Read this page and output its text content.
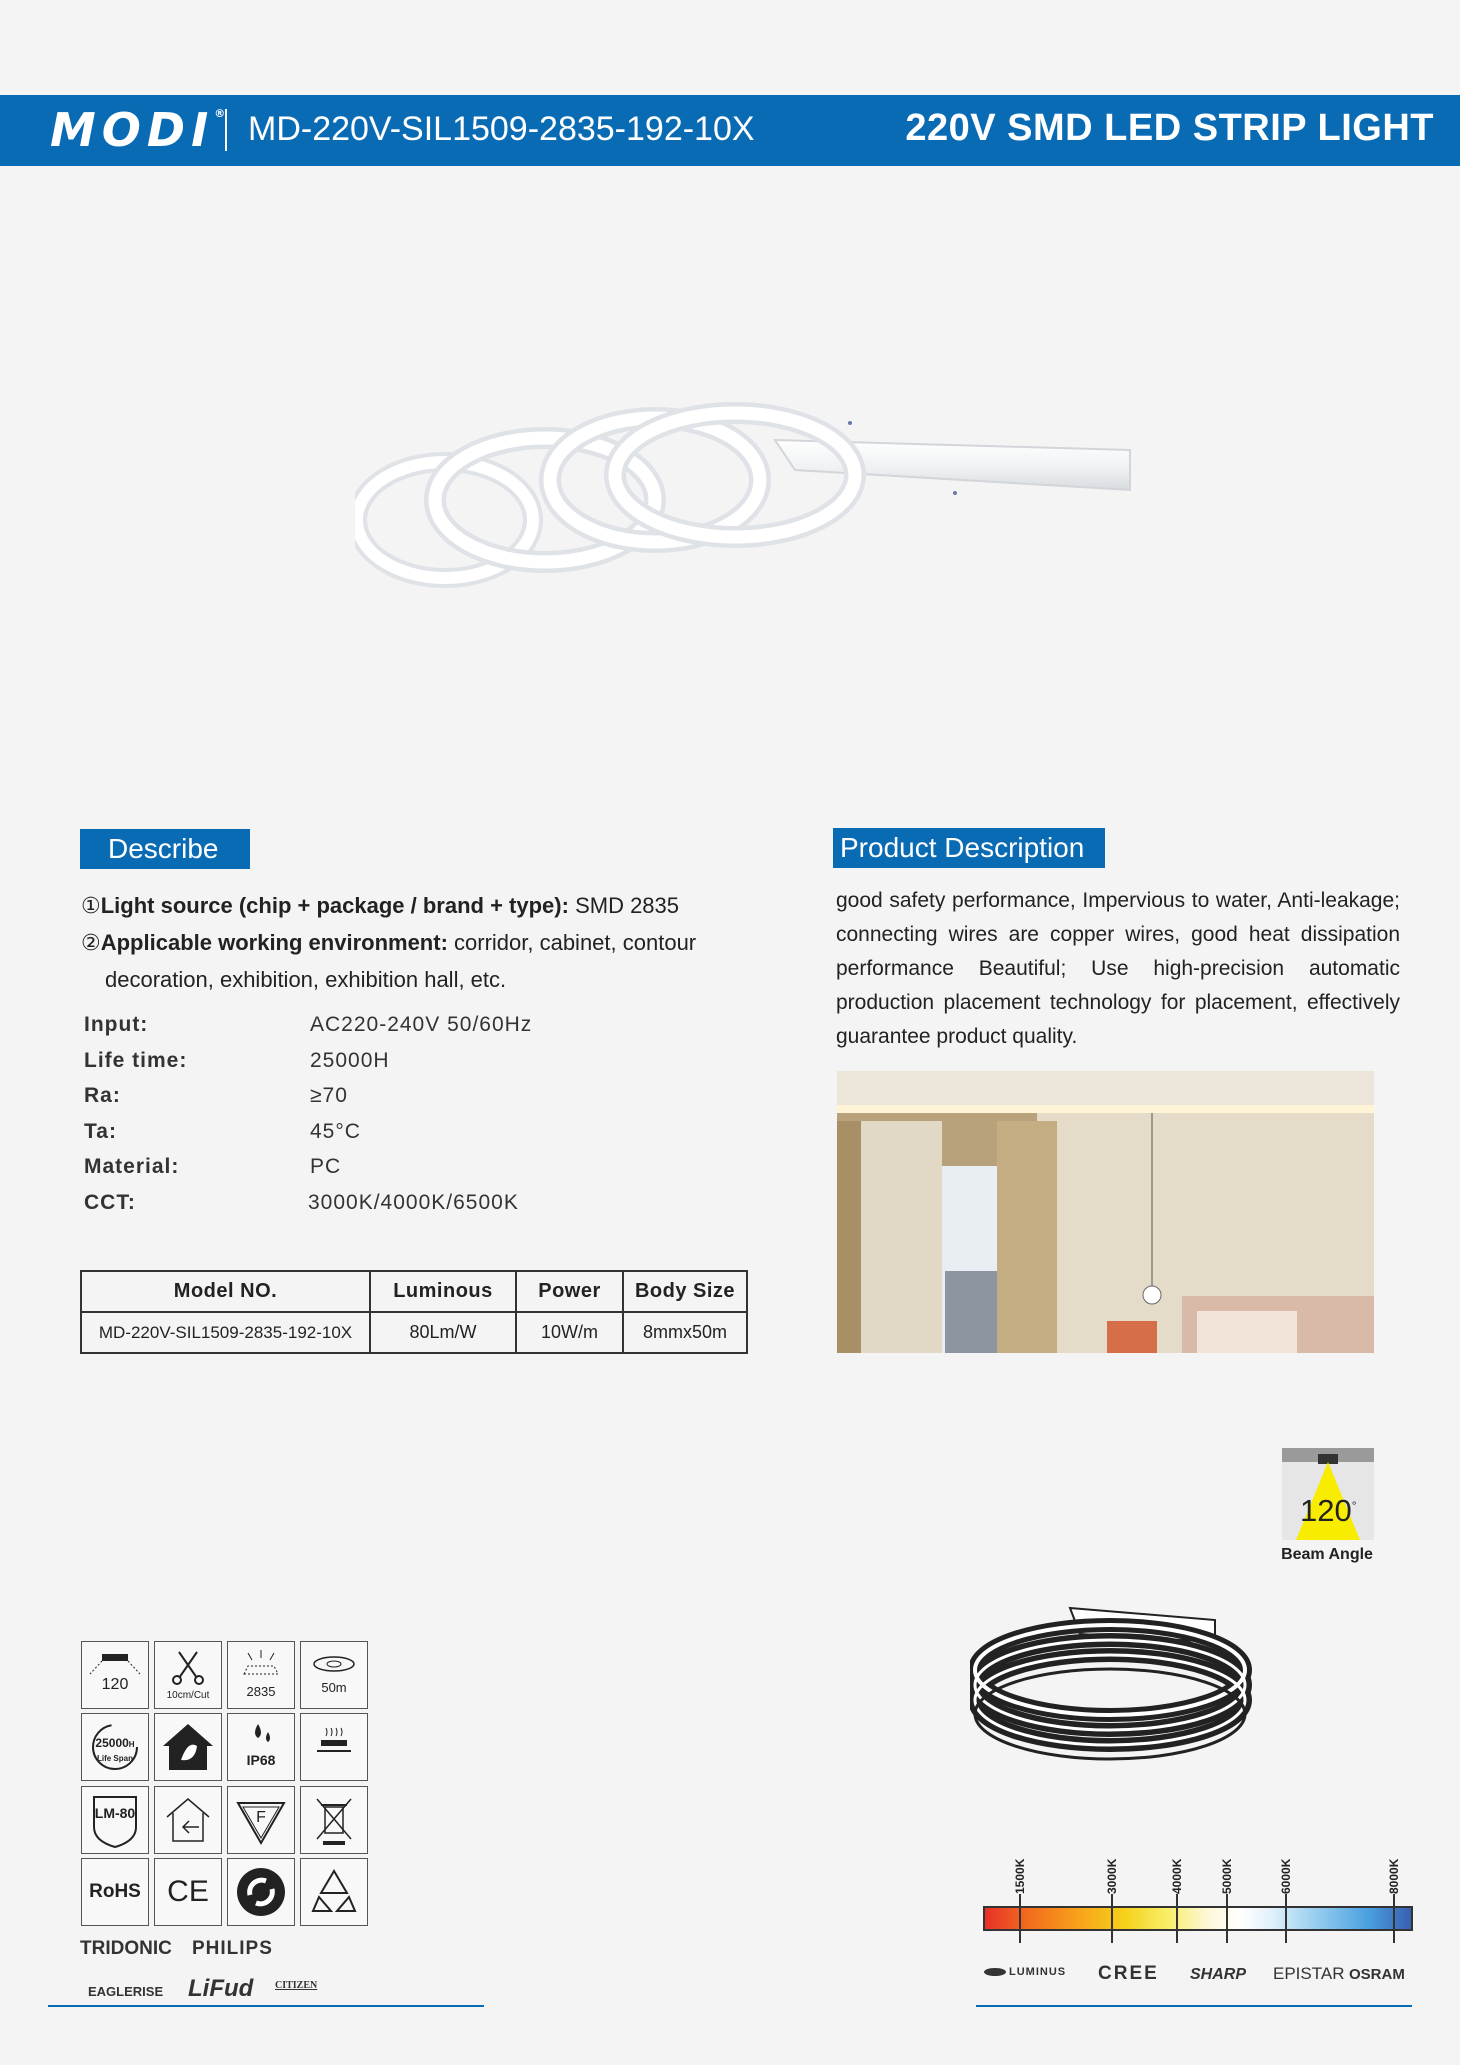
MODI® MD-220V-SIL1509-2835-192-10X	220V SMD LED STRIP LIGHT
Describe
①Light source (chip + package / brand + type): SMD 2835
②Applicable working environment: corridor, cabinet, contour
decoration, exhibition, exhibition hall, etc.
Input:	AC220-240V 50/60Hz
Life time:	25000H
Ra:	≥70
Ta:	45°C
Material:	PC
CCT:	3000K/4000K/6500K
Model NO.	Luminous	Power	Body Size
MD-220V-SIL1509-2835-192-10X	80Lm/W	10W/m	8mmx50m
Product Description
good safety performance, Impervious to water, Anti-leakage; connecting wires are copper wires, good heat dissipation performance Beautiful; Use high-precision automatic production placement technology for placement, effectively guarantee product quality.
120°
Beam Angle
120
10cm/Cut	2835	50m
25000H
Life Span	IP68
LM-80	F
RoHS CE
TRIDONIC PHILIPS
EAGLERISE LiFud CITIZEN
1500K	3000K	4000K	5000K	6000K	8000K
LUMINUS CREE SHARP EPISTAR OSRAM
